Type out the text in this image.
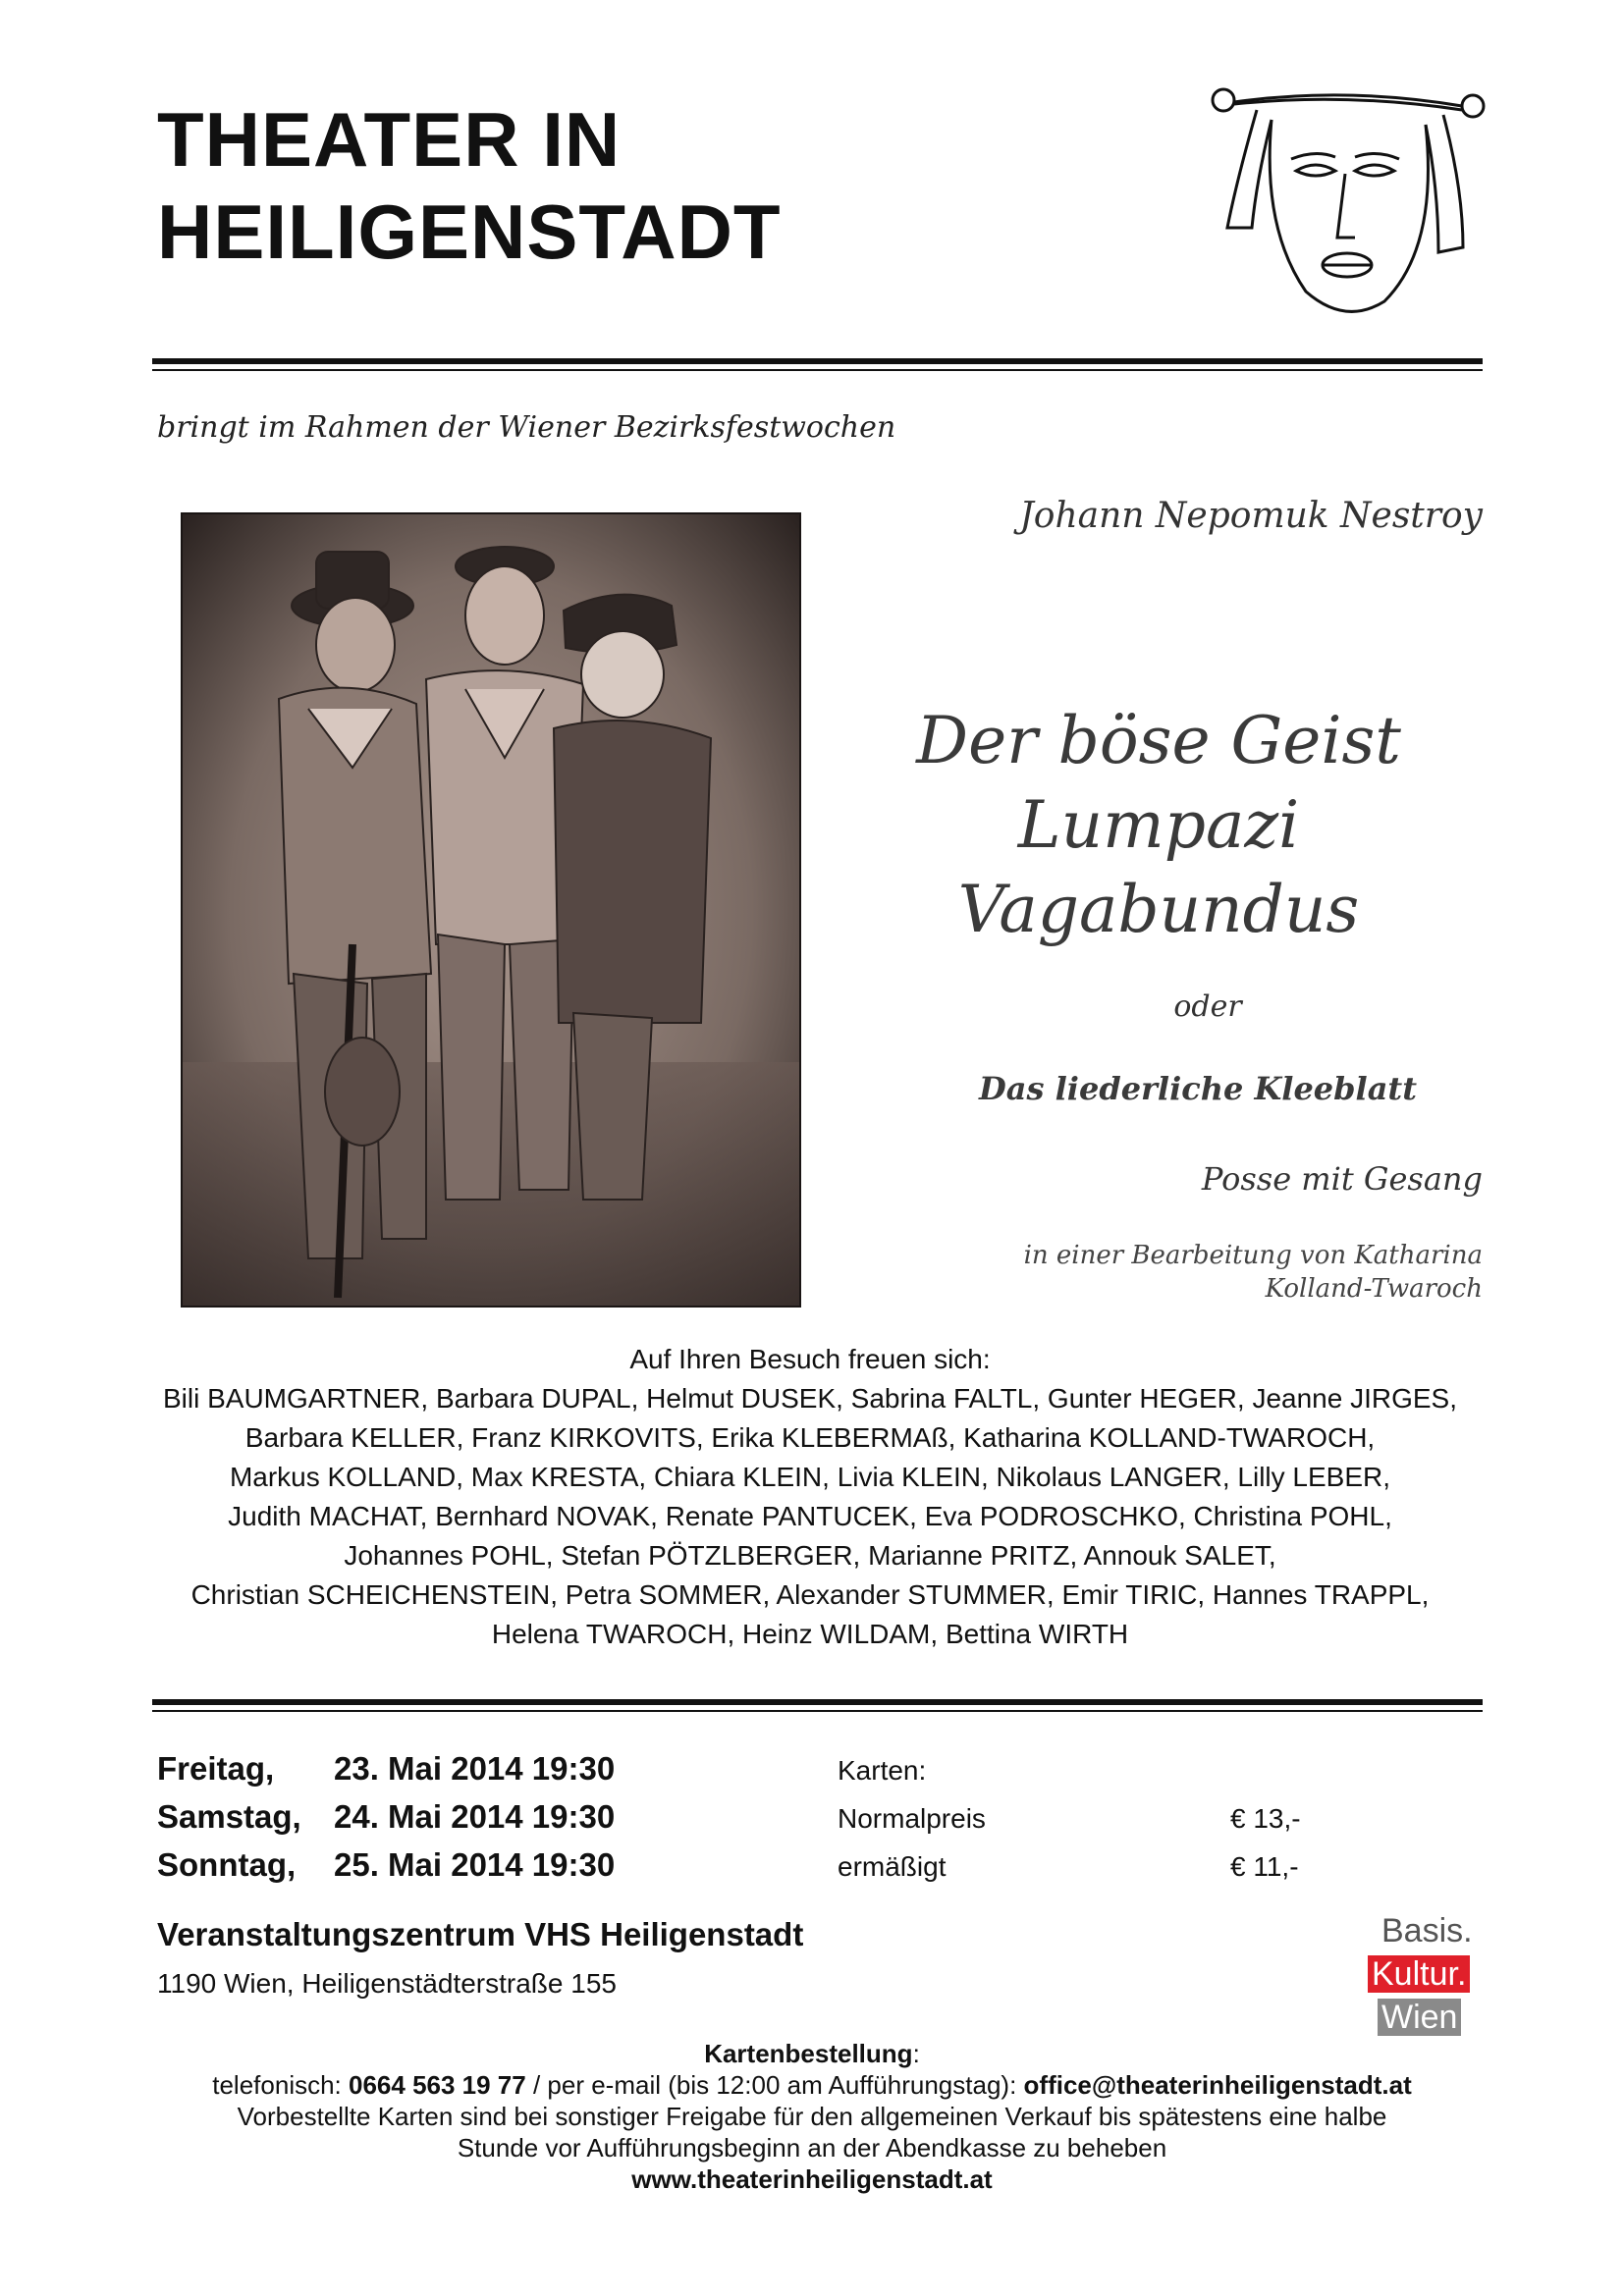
THEATER IN
HEILIGENSTADT
bringt im Rahmen der Wiener Bezirksfestwochen
Johann Nepomuk Nestroy
Der böse Geist
Lumpazi
Vagabundus
oder
Das liederliche Kleeblatt
Posse mit Gesang
in einer Bearbeitung von Katharina
Kolland-Twaroch
Auf Ihren Besuch freuen sich:
Bili BAUMGARTNER, Barbara DUPAL, Helmut DUSEK, Sabrina FALTL, Gunter HEGER, Jeanne JIRGES,
Barbara KELLER, Franz KIRKOVITS, Erika KLEBERMAß, Katharina KOLLAND-TWAROCH,
Markus KOLLAND, Max KRESTA, Chiara KLEIN, Livia KLEIN, Nikolaus LANGER, Lilly LEBER,
Judith MACHAT, Bernhard NOVAK, Renate PANTUCEK, Eva PODROSCHKO, Christina POHL,
Johannes POHL, Stefan PÖTZLBERGER, Marianne PRITZ, Annouk SALET,
Christian SCHEICHENSTEIN, Petra SOMMER, Alexander STUMMER, Emir TIRIC, Hannes TRAPPL,
Helena TWAROCH, Heinz WILDAM, Bettina WIRTH
Freitag, 23. Mai 2014 19:30
Samstag, 24. Mai 2014 19:30
Sonntag, 25. Mai 2014 19:30
Karten:
Normalpreis	€ 13,-
ermäßigt	€ 11,-
Veranstaltungszentrum VHS Heiligenstadt
1190 Wien, Heiligenstädterstraße 155
Basis.
Kultur.
Wien
Kartenbestellung:
telefonisch: 0664 563 19 77 / per e-mail (bis 12:00 am Aufführungstag): office@theaterinheiligenstadt.at
Vorbestellte Karten sind bei sonstiger Freigabe für den allgemeinen Verkauf bis spätestens eine halbe
Stunde vor Aufführungsbeginn an der Abendkasse zu beheben
www.theaterinheiligenstadt.at
